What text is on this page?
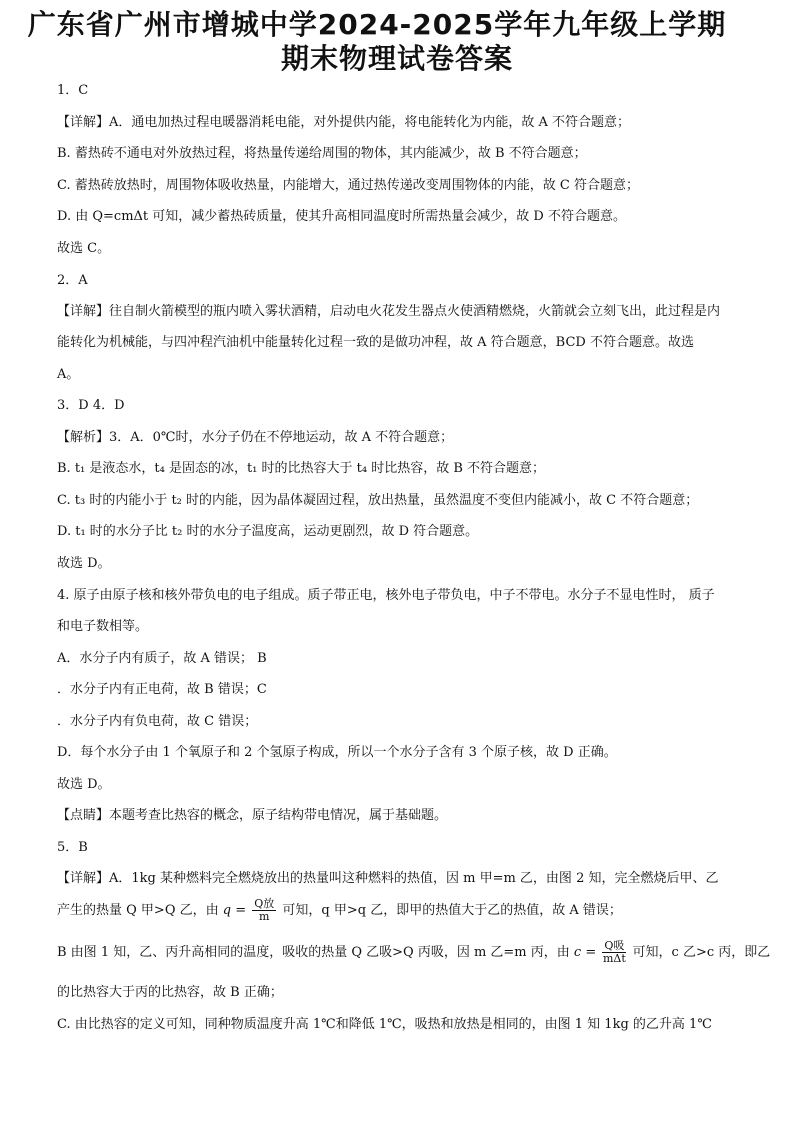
广东省广州市增城中学2024-2025学年九年级上学期
期末物理试卷答案
1．C
【详解】A．通电加热过程电暖器消耗电能，对外提供内能，将电能转化为内能，故 A 不符合题意；
B. 蓄热砖不通电对外放热过程，将热量传递给周围的物体，其内能减少，故 B 不符合题意；
C. 蓄热砖放热时，周围物体吸收热量，内能增大，通过热传递改变周围物体的内能，故 C 符合题意；
D. 由 Q=cmΔt 可知，减少蓄热砖质量，使其升高相同温度时所需热量会减少，故 D 不符合题意。
故选 C。
2．A
【详解】往自制火箭模型的瓶内喷入雾状酒精，启动电火花发生器点火使酒精燃烧，火箭就会立刻飞出，此过程是内
能转化为机械能，与四冲程汽油机中能量转化过程一致的是做功冲程，故 A 符合题意，BCD 不符合题意。故选
A。
3．D 4．D
【解析】3．A．0℃时，水分子仍在不停地运动，故 A 不符合题意；
B. t₁ 是液态水，t₄ 是固态的冰，t₁ 时的比热容大于 t₄ 时比热容，故 B 不符合题意；
C. t₃ 时的内能小于 t₂ 时的内能，因为晶体凝固过程，放出热量，虽然温度不变但内能减小，故 C 不符合题意；
D. t₁ 时的水分子比 t₂ 时的水分子温度高，运动更剧烈，故 D 符合题意。
故选 D。
4. 原子由原子核和核外带负电的电子组成。质子带正电，核外电子带负电，中子不带电。水分子不显电性时， 质子
和电子数相等。
A．水分子内有质子，故 A 错误； B
．水分子内有正电荷，故 B 错误；C
．水分子内有负电荷，故 C 错误；
D．每个水分子由 1 个氧原子和 2 个氢原子构成，所以一个水分子含有 3 个原子核，故 D 正确。
故选 D。
【点睛】本题考查比热容的概念，原子结构带电情况，属于基础题。
5．B
【详解】A．1kg 某种燃料完全燃烧放出的热量叫这种燃料的热值，因 m 甲=m 乙，由图 2 知，完全燃烧后甲、乙
产生的热量 Q 甲>Q 乙，由 $q = \frac{\text{Q放}}{m}$ 可知，q 甲>q 乙，即甲的热值大于乙的热值，故 A 错误；
B 由图 1 知，乙、丙升高相同的温度，吸收的热量 Q 乙吸>Q 丙吸，因 m 乙=m 丙，由 $c = \frac{\text{Q吸}}{\text{mΔt}}$ 可知，c 乙>c 丙，即乙
的比热容大于丙的比热容，故 B 正确；
C. 由比热容的定义可知，同种物质温度升高 1℃和降低 1℃，吸热和放热是相同的，由图 1 知 1kg 的乙升高 1℃
